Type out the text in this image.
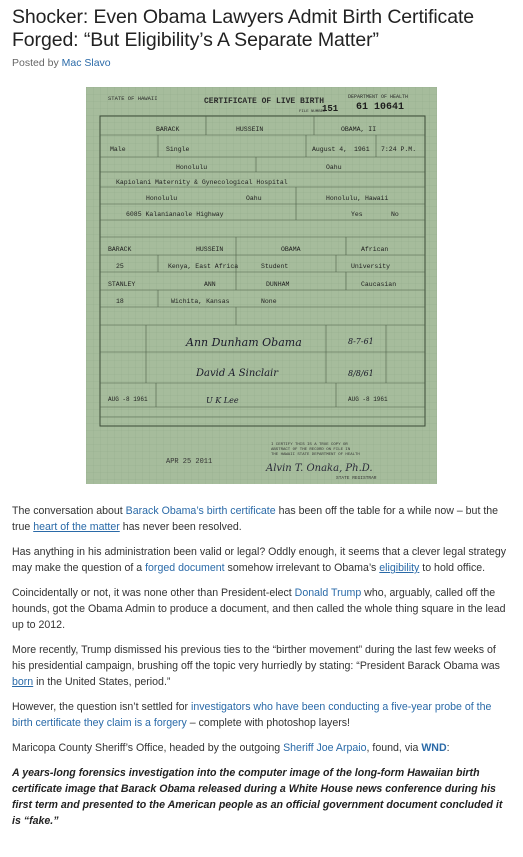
Shocker: Even Obama Lawyers Admit Birth Certificate Forged: “But Eligibility’s A Separate Matter”
Posted by Mac Slavo
STATE OF HAWAII	CERTIFICATE OF LIVE BIRTH	DEPARTMENT OF HEALTH
FILE NUMBER
151 61 10641
BARACK	HUSSEIN	OBAMA, II
Male	Single	August 4, 1961 7:24 P.M.
Honolulu	Oahu
Kapiolani Maternity & Gynecological Hospital
Honolulu	Oahu	Honolulu, Hawaii
6085 Kalanianaole Highway	Yes	No
BARACK	HUSSEIN	OBAMA	African
25	Kenya, East Africa	Student	University
STANLEY	ANN	DUNHAM	Caucasian
18	Wichita, Kansas	None
Ann Dunham Obama	8-7-61
David A Sinclair	8/8/61
U K Lee
AUG -8 1961	AUG -8 1961
I CERTIFY THIS IS A TRUE COPY OR
ABSTRACT OF THE RECORD ON FILE IN
THE HAWAII STATE DEPARTMENT OF HEALTH
APR 25 2011
Alvin T. Onaka, Ph.D.
STATE REGISTRAR

The conversation about Barack Obama’s birth certificate has been off the table for a while now – but the true heart of the matter has never been resolved.

Has anything in his administration been valid or legal? Oddly enough, it seems that a clever legal strategy may make the question of a forged document somehow irrelevant to Obama’s eligibility to hold office.

Coincidentally or not, it was none other than President-elect Donald Trump who, arguably, called off the hounds, got the Obama Admin to produce a document, and then called the whole thing square in the lead up to 2012.

More recently, Trump dismissed his previous ties to the “birther movement” during the last few weeks of his presidential campaign, brushing off the topic very hurriedly by stating: “President Barack Obama was born in the United States, period.”

However, the question isn’t settled for investigators who have been conducting a five-year probe of the birth certificate they claim is a forgery – complete with photoshop layers!

Maricopa County Sheriff’s Office, headed by the outgoing Sheriff Joe Arpaio, found, via WND:

A years-long forensics investigation into the computer image of the long-form Hawaiian birth certificate image that Barack Obama released during a White House news conference during his first term and presented to the American people as an official government document concluded it is “fake.”
